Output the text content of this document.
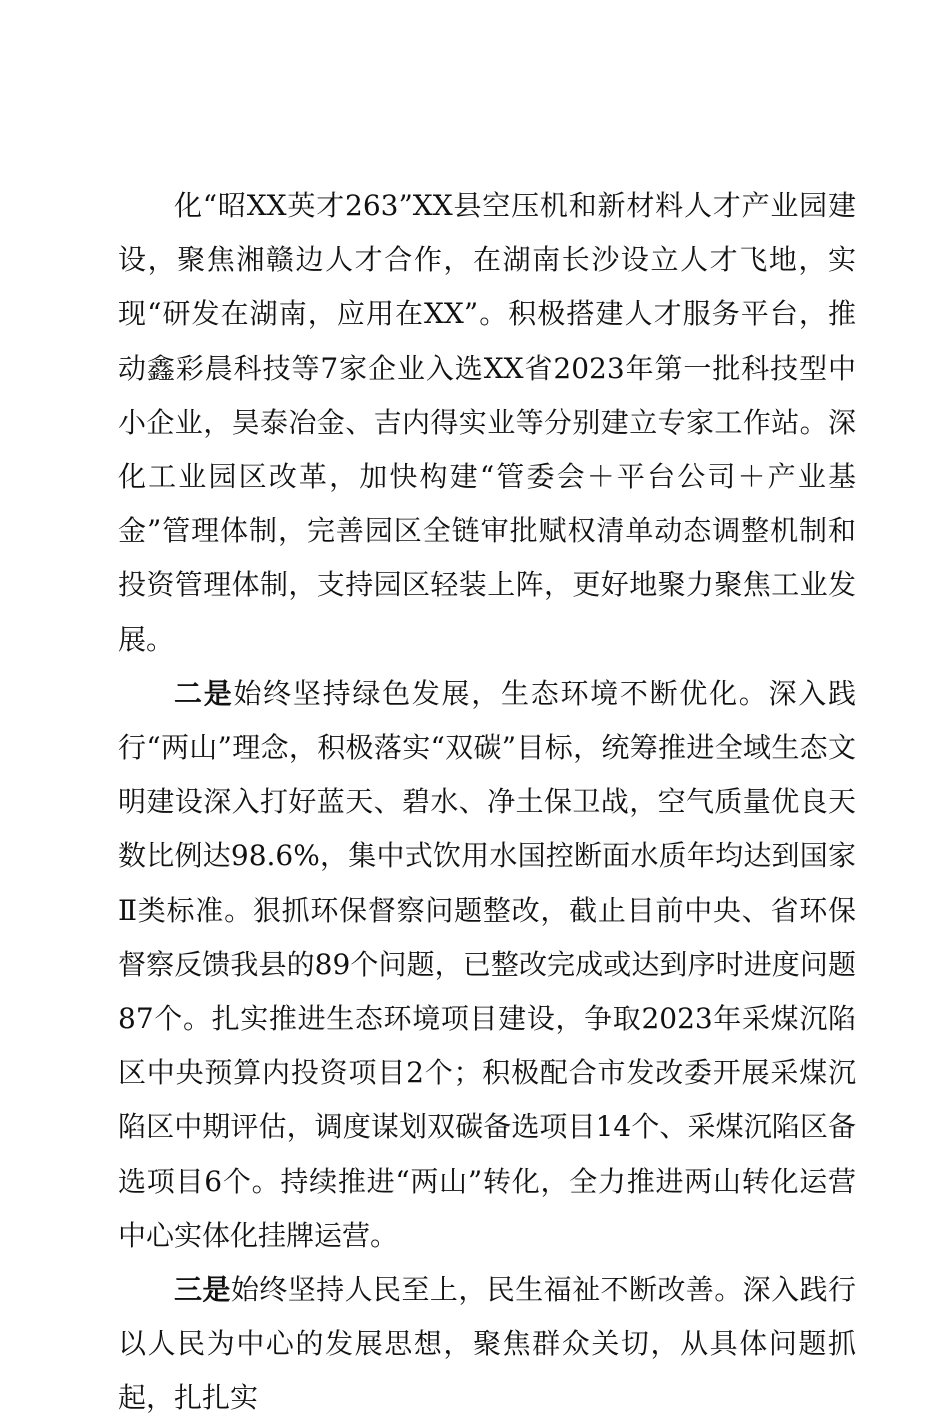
化“昭XX英才263”XX县空压机和新材料人才产业园建设，聚焦湘赣边人才合作，在湖南长沙设立人才飞地，实现“研发在湖南，应用在XX”。积极搭建人才服务平台，推动鑫彩晨科技等7家企业入选XX省2023年第一批科技型中小企业，昊泰冶金、吉内得实业等分别建立专家工作站。深化工业园区改革，加快构建“管委会＋平台公司＋产业基金”管理体制，完善园区全链审批赋权清单动态调整机制和投资管理体制，支持园区轻装上阵，更好地聚力聚焦工业发展。

二是始终坚持绿色发展，生态环境不断优化。深入践行“两山”理念，积极落实“双碳”目标，统筹推进全域生态文明建设深入打好蓝天、碧水、净土保卫战，空气质量优良天数比例达98.6%，集中式饮用水国控断面水质年均达到国家Ⅱ类标准。狠抓环保督察问题整改，截止目前中央、省环保督察反馈我县的89个问题，已整改完成或达到序时进度问题87个。扎实推进生态环境项目建设，争取2023年采煤沉陷区中央预算内投资项目2个；积极配合市发改委开展采煤沉陷区中期评估，调度谋划双碳备选项目14个、采煤沉陷区备选项目6个。持续推进“两山”转化，全力推进两山转化运营中心实体化挂牌运营。

三是始终坚持人民至上，民生福祉不断改善。深入践行以人民为中心的发展思想，聚焦群众关切，从具体问题抓起，扎扎实
